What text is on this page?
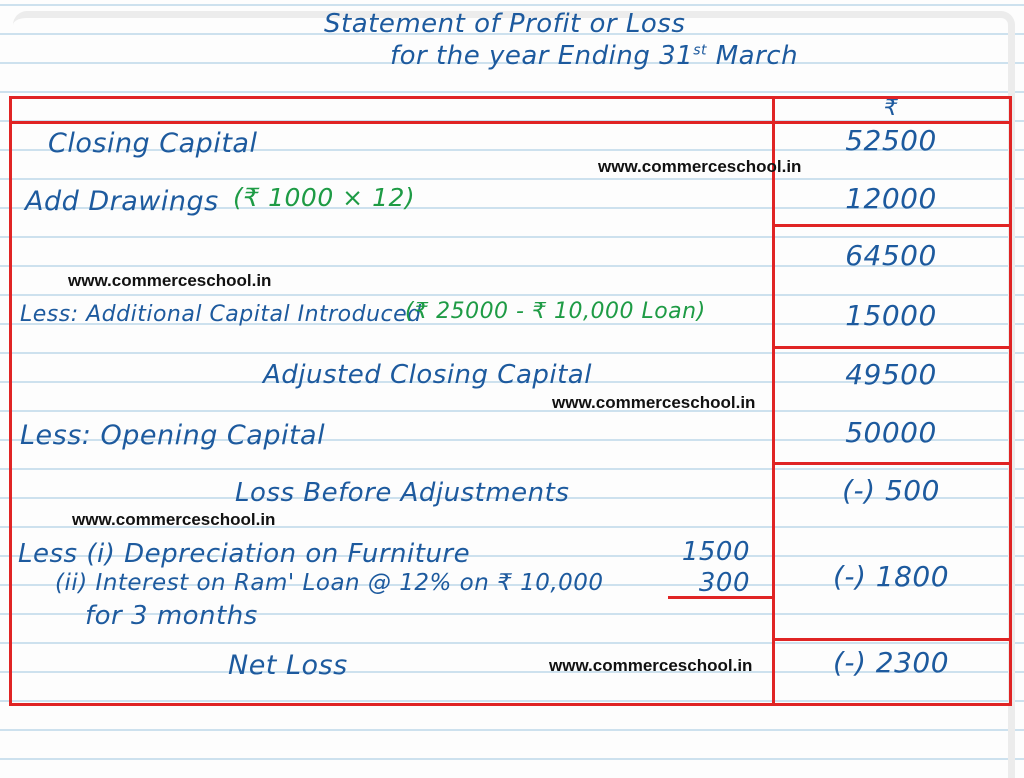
Statement of Profit or Loss
for the year Ending 31st March
₹
Closing Capital
Add Drawings (₹ 1000 × 12)
Less: Additional Capital Introduced
(₹ 25000 - ₹ 10,000 Loan)
Adjusted Closing Capital
Less: Opening Capital
Loss Before Adjustments
Less (i) Depreciation on Furniture
(ii) Interest on Ram' Loan @ 12% on ₹ 10,000
for 3 months
Net Loss
1500
300
52500
12000
64500
15000
49500
50000
(-) 500
(-) 1800
(-) 2300
www.commerceschool.in
www.commerceschool.in
www.commerceschool.in
www.commerceschool.in
www.commerceschool.in
